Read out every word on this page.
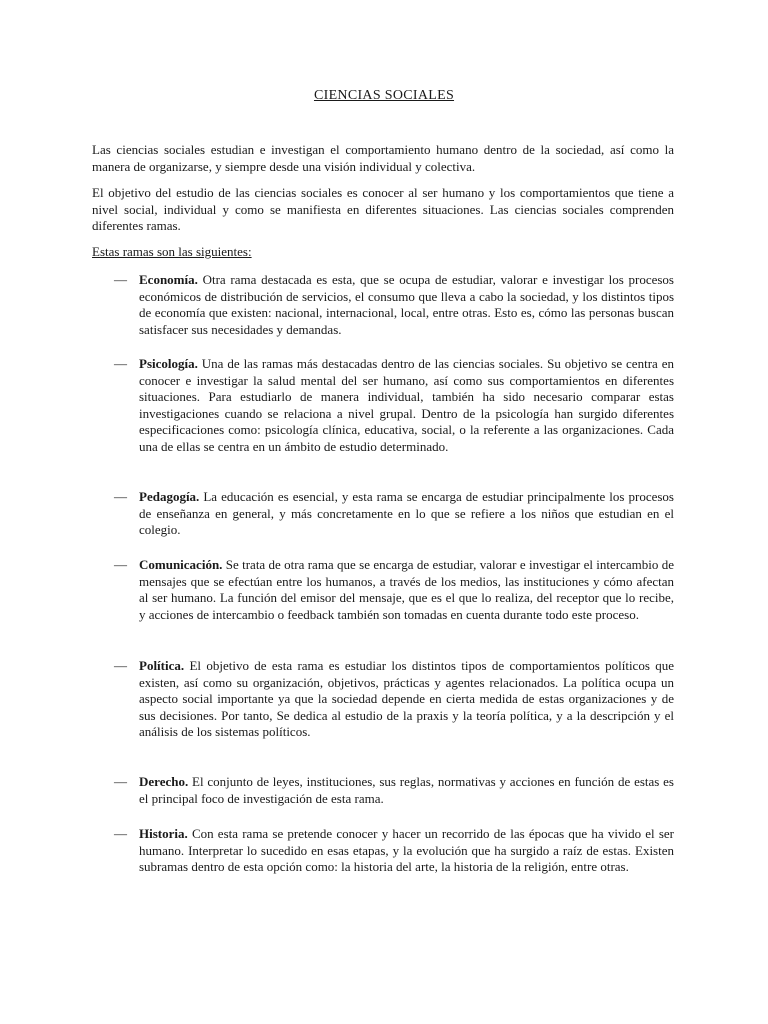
CIENCIAS SOCIALES

Las ciencias sociales estudian e investigan el comportamiento humano dentro de la sociedad, así como la manera de organizarse, y siempre desde una visión individual y colectiva.

El objetivo del estudio de las ciencias sociales es conocer al ser humano y los comportamientos que tiene a nivel social, individual y como se manifiesta en diferentes situaciones. Las ciencias sociales comprenden diferentes ramas.

Estas ramas son las siguientes:
— Economía. Otra rama destacada es esta, que se ocupa de estudiar, valorar e investigar los procesos económicos de distribución de servicios, el consumo que lleva a cabo la sociedad, y los distintos tipos de economía que existen: nacional, internacional, local, entre otras. Esto es, cómo las personas buscan satisfacer sus necesidades y demandas.

— Psicología. Una de las ramas más destacadas dentro de las ciencias sociales. Su objetivo se centra en conocer e investigar la salud mental del ser humano, así como sus comportamientos en diferentes situaciones. Para estudiarlo de manera individual, también ha sido necesario comparar estas investigaciones cuando se relaciona a nivel grupal. Dentro de la psicología han surgido diferentes especificaciones como: psicología clínica, educativa, social, o la referente a las organizaciones. Cada una de ellas se centra en un ámbito de estudio determinado.

— Pedagogía. La educación es esencial, y esta rama se encarga de estudiar principalmente los procesos de enseñanza en general, y más concretamente en lo que se refiere a los niños que estudian en el colegio.

— Comunicación. Se trata de otra rama que se encarga de estudiar, valorar e investigar el intercambio de mensajes que se efectúan entre los humanos, a través de los medios, las instituciones y cómo afectan al ser humano. La función del emisor del mensaje, que es el que lo realiza, del receptor que lo recibe, y acciones de intercambio o feedback también son tomadas en cuenta durante todo este proceso.

— Política. El objetivo de esta rama es estudiar los distintos tipos de comportamientos políticos que existen, así como su organización, objetivos, prácticas y agentes relacionados. La política ocupa un aspecto social importante ya que la sociedad depende en cierta medida de estas organizaciones y de sus decisiones. Por tanto, Se dedica al estudio de la praxis y la teoría política, y a la descripción y el análisis de los sistemas políticos.

— Derecho. El conjunto de leyes, instituciones, sus reglas, normativas y acciones en función de estas es el principal foco de investigación de esta rama.

— Historia. Con esta rama se pretende conocer y hacer un recorrido de las épocas que ha vivido el ser humano. Interpretar lo sucedido en esas etapas, y la evolución que ha surgido a raíz de estas. Existen subramas dentro de esta opción como: la historia del arte, la historia de la religión, entre otras.
